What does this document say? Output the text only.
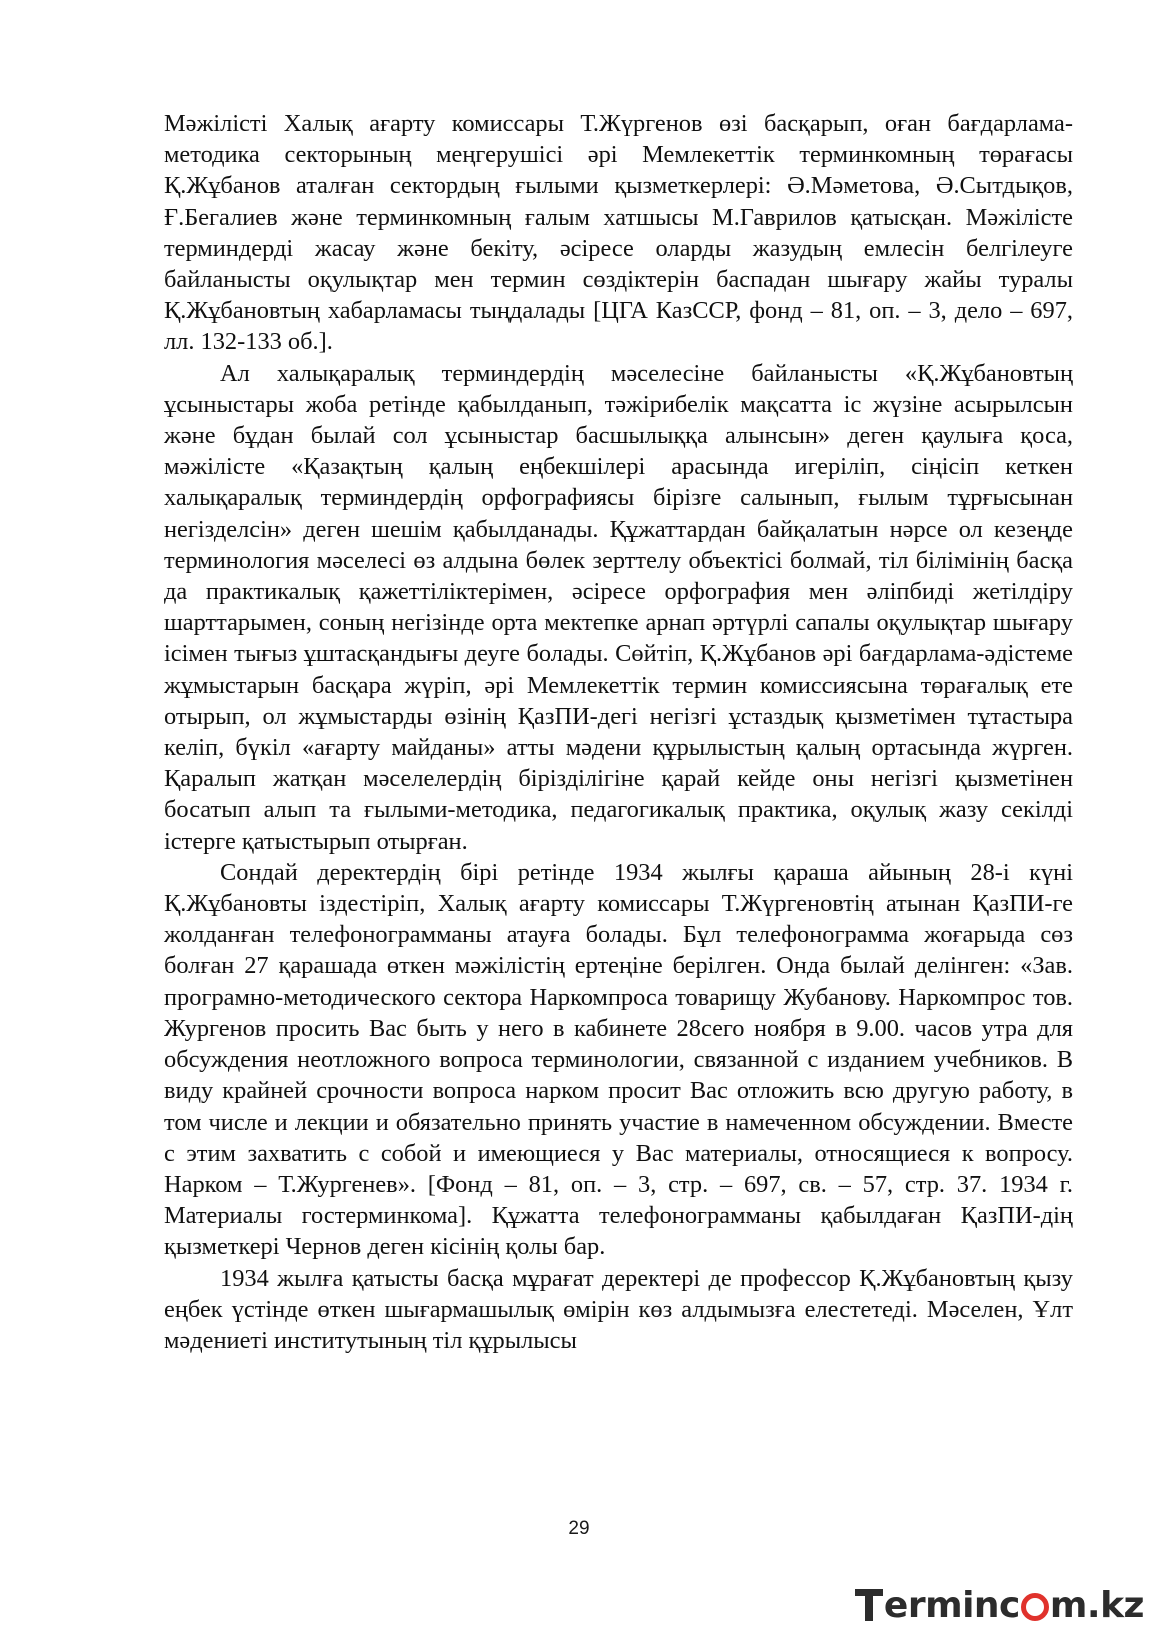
Мәжілісті Халық ағарту комиссары Т.Жүргенов өзі басқарып, оған бағдарлама-методика секторының меңгерушісі әрі Мемлекеттік терминкомның төрағасы Қ.Жұбанов аталған сектордың ғылыми қызметкерлері: Ә.Мәметова, Ә.Сытдықов, Ғ.Бегалиев және терминкомның ғалым хатшысы М.Гаврилов қатысқан. Мәжілісте терминдерді жасау және бекіту, әсіресе оларды жазудың емлесін белгілеуге байланысты оқулықтар мен термин сөздіктерін баспадан шығару жайы туралы Қ.Жұбановтың хабарламасы тыңдалады [ЦГА КазССР, фонд – 81, оп. – 3, дело – 697, лл. 132-133 об.].

Ал халықаралық терминдердің мәселесіне байланысты «Қ.Жұбановтың ұсыныстары жоба ретінде қабылданып, тәжірибелік мақсатта іс жүзіне асырылсын және бұдан былай сол ұсыныстар басшылыққа алынсын» деген қаулыға қоса, мәжілісте «Қазақтың қалың еңбекшілері арасында игеріліп, сіңісіп кеткен халықаралық терминдердің орфографиясы бірізге салынып, ғылым тұрғысынан негізделсін» деген шешім қабылданады. Құжаттардан байқалатын нәрсе ол кезеңде терминология мәселесі өз алдына бөлек зерттелу объектісі болмай, тіл білімінің басқа да практикалық қажеттіліктерімен, әсіресе орфография мен әліпбиді жетілдіру шарттарымен, соның негізінде орта мектепке арнап әртүрлі сапалы оқулықтар шығару ісімен тығыз ұштасқандығы деуге болады. Сөйтіп, Қ.Жұбанов әрі бағдарлама-әдістеме жұмыстарын басқара жүріп, әрі Мемлекеттік термин комиссиясына төрағалық ете отырып, ол жұмыстарды өзінің ҚазПИ-дегі негізгі ұстаздық қызметімен тұтастыра келіп, бүкіл «ағарту майданы» атты мәдени құрылыстың қалың ортасында жүрген. Қаралып жатқан мәселелердің бірізділігіне қарай кейде оны негізгі қызметінен босатып алып та ғылыми-методика, педагогикалық практика, оқулық жазу секілді істерге қатыстырып отырған.

Сондай деректердің бірі ретінде 1934 жылғы қараша айының 28-і күні Қ.Жұбановты іздестіріп, Халық ағарту комиссары Т.Жүргеновтің атынан ҚазПИ-ге жолданған телефонограмманы атауға болады. Бұл телефонограмма жоғарыда сөз болған 27 қарашада өткен мәжілістің ертеңіне берілген. Онда былай делінген: «Зав. програмно-методического сектора Наркомпроса товарищу Жубанову. Наркомпрос тов. Жургенов просить Вас быть у него в кабинете 28сего ноября в 9.00. часов утра для обсуждения неотложного вопроса терминологии, связанной с изданием учебников. В виду крайней срочности вопроса нарком просит Вас отложить всю другую работу, в том числе и лекции и обязательно принять участие в намеченном обсуждении. Вместе с этим захватить с собой и имеющиеся у Вас материалы, относящиеся к вопросу. Нарком – Т.Жургенев». [Фонд – 81, оп. – 3, стр. – 697, св. – 57, стр. 37. 1934 г. Материалы гостерминкома]. Құжатта телефонограмманы қабылдаған ҚазПИ-дің қызметкері Чернов деген кісінің қолы бар.

1934 жылға қатысты басқа мұрағат деректері де профессор Қ.Жұбановтың қызу еңбек үстінде өткен шығармашылық өмірін көз алдымызға елестетеді. Мәселен, Ұлт мәдениеті институтының тіл құрылысы

29
erminc m.kz
